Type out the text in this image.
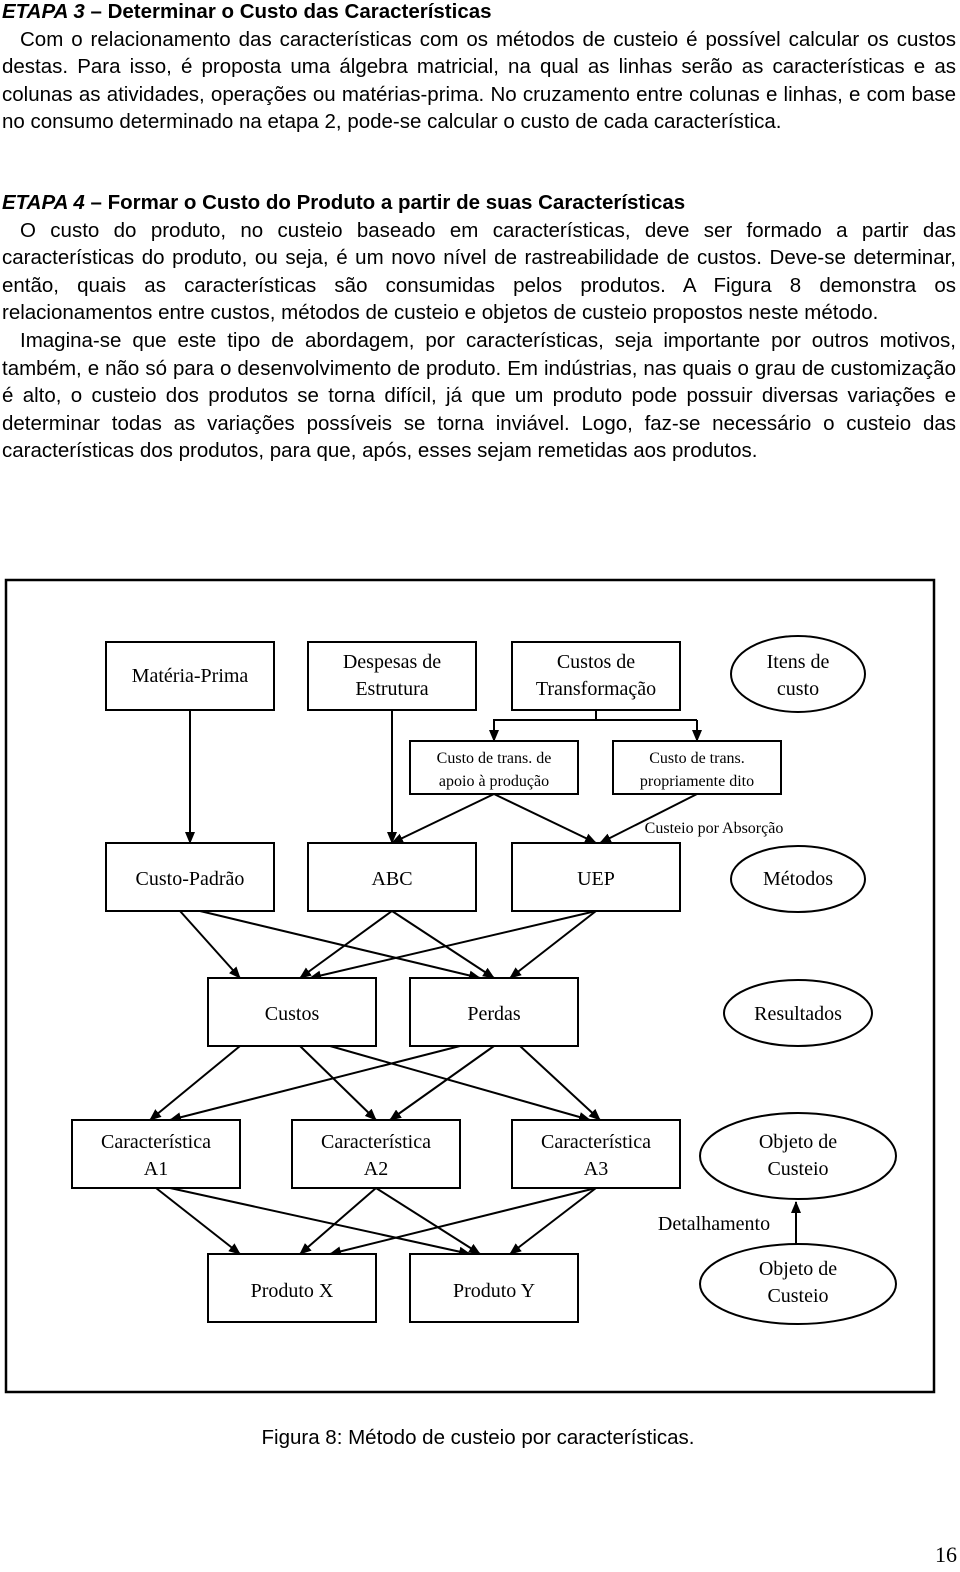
ETAPA 3 – Determinar o Custo das Características

Com o relacionamento das características com os métodos de custeio é possível calcular os custos destas. Para isso, é proposta uma álgebra matricial, na qual as linhas serão as características e as colunas as atividades, operações ou matérias-prima. No cruzamento entre colunas e linhas, e com base no consumo determinado na etapa 2, pode-se calcular o custo de cada característica.

ETAPA 4 – Formar o Custo do Produto a partir de suas Características

O custo do produto, no custeio baseado em características, deve ser formado a partir das características do produto, ou seja, é um novo nível de rastreabilidade de custos. Deve-se determinar, então, quais as características são consumidas pelos produtos. A Figura 8 demonstra os relacionamentos entre custos, métodos de custeio e objetos de custeio propostos neste método.

Imagina-se que este tipo de abordagem, por características, seja importante por outros motivos, também, e não só para o desenvolvimento de produto. Em indústrias, nas quais o grau de customização é alto, o custeio dos produtos se torna difícil, já que um produto pode possuir diversas variações e determinar todas as variações possíveis se torna inviável. Logo, faz-se necessário o custeio das características dos produtos, para que, após, esses sejam remetidas aos produtos.

Matéria-Prima
Despesas de
Estrutura
Custos de
Transformação
Itens de
custo
Custo-Padrão	ABC	UEP	Métodos
Custos	Perdas	Resultados
Característica
A1
Característica
A2
Característica
A3
Objeto de
Custeio
Produto X	Produto Y
Objeto de
Custeio
Detalhamento
Custo de trans. de
apoio à produção
Custo de trans.
propriamente dito
Custeio por Absorção
Figura 8: Método de custeio por características.
16
